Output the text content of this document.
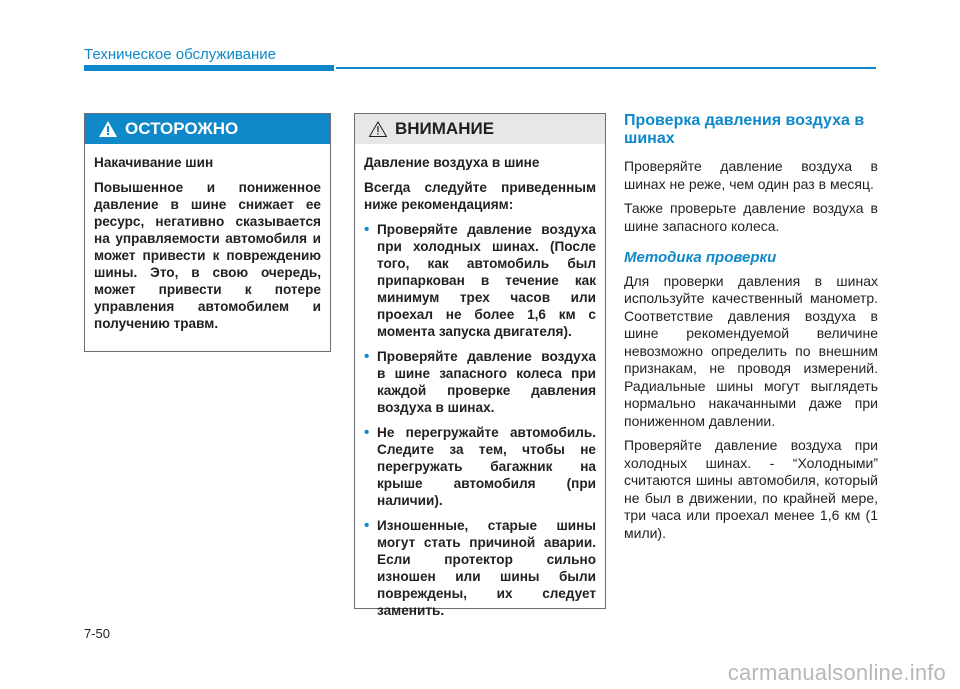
Техническое обслуживание
ОСТОРОЖНО

Накачивание шин

Повышенное и пониженное давление в шине снижает ее ресурс, негативно сказывается на управляемости автомобиля и может привести к повреждению шины. Это, в свою очередь, может привести к потере управления автомобилем и получению травм.

ВНИМАНИЕ

Давление воздуха в шине

Всегда следуйте приведенным ниже рекомендациям:

• Проверяйте давление воздуха при холодных шинах. (После того, как автомобиль был припаркован в течение как минимум трех часов или проехал не более 1,6 км с момента запуска двигателя).
• Проверяйте давление воздуха в шине запасного колеса при каждой проверке давления воздуха в шинах.
• Не перегружайте автомобиль. Следите за тем, чтобы не перегружать багажник на крыше автомобиля (при наличии).
• Изношенные, старые шины могут стать причиной аварии. Если протектор сильно изношен или шины были повреждены, их следует заменить.
Проверка давления воздуха в шинах

Проверяйте давление воздуха в шинах не реже, чем один раз в месяц.

Также проверьте давление воздуха в шине запасного колеса.

Методика проверки

Для проверки давления в шинах используйте качественный манометр. Соответствие давления воздуха в шине рекомендуемой величине невозможно определить по внешним признакам, не проводя измерений. Радиальные шины могут выглядеть нормально накачанными даже при пониженном давлении.

Проверяйте давление воздуха при холодных шинах. - “Холодными” считаются шины автомобиля, который не был в движении, по крайней мере, три часа или проехал менее 1,6 км (1 мили).

7-50
carmanualsonline.info
